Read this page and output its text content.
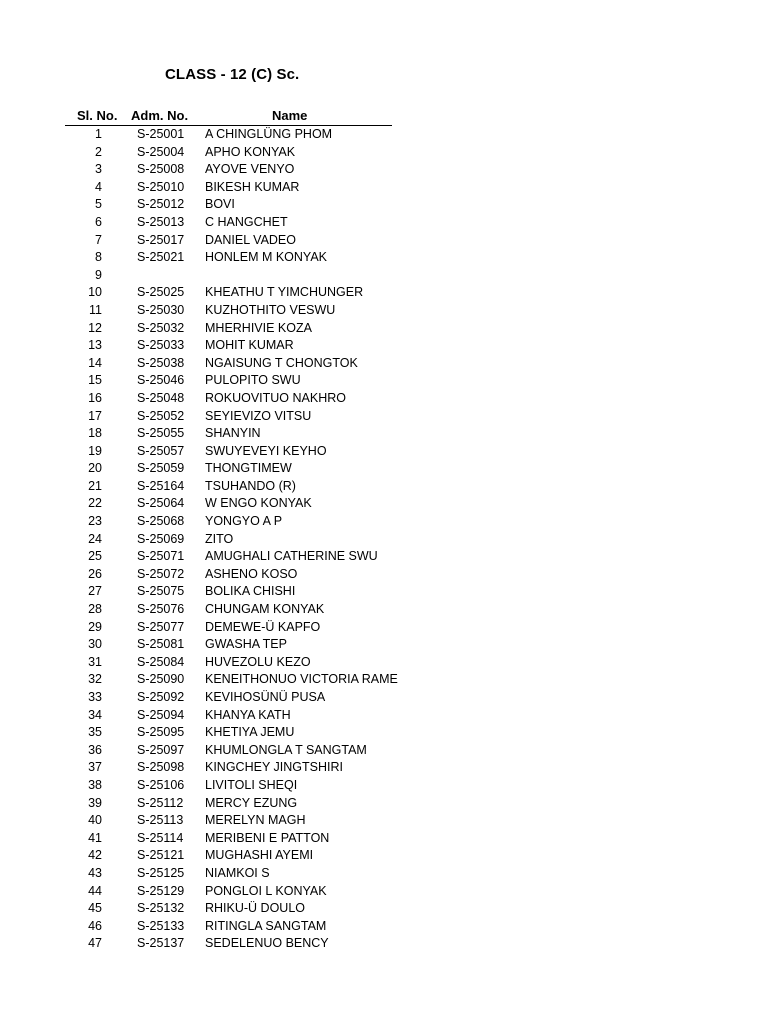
CLASS - 12 (C) Sc.
Sl. No. Adm. No.	Name
1	S-25001 A CHINGLÜNG PHOM
2	S-25004 APHO KONYAK
3	S-25008 AYOVE VENYO
4	S-25010 BIKESH KUMAR
5	S-25012 BOVI
6	S-25013 C HANGCHET
7	S-25017 DANIEL VADEO
8	S-25021 HONLEM M KONYAK
9
10	S-25025 KHEATHU T YIMCHUNGER
11	S-25030 KUZHOTHITO VESWU
12	S-25032 MHERHIVIE KOZA
13	S-25033 MOHIT KUMAR
14	S-25038 NGAISUNG T CHONGTOK
15	S-25046 PULOPITO SWU
16	S-25048 ROKUOVITUO NAKHRO
17	S-25052 SEYIEVIZO VITSU
18	S-25055 SHANYIN
19	S-25057 SWUYEVEYI KEYHO
20	S-25059 THONGTIMEW
21	S-25164 TSUHANDO (R)
22	S-25064 W ENGO KONYAK
23	S-25068 YONGYO A P
24	S-25069 ZITO
25	S-25071 AMUGHALI CATHERINE SWU
26	S-25072 ASHENO KOSO
27	S-25075 BOLIKA CHISHI
28	S-25076 CHUNGAM KONYAK
29	S-25077 DEMEWE-Ü KAPFO
30	S-25081 GWASHA TEP
31	S-25084 HUVEZOLU KEZO
32	S-25090 KENEITHONUO VICTORIA RAME
33	S-25092 KEVIHOSÜNÜ PUSA
34	S-25094 KHANYA KATH
35	S-25095 KHETIYA JEMU
36	S-25097 KHUMLONGLA T SANGTAM
37	S-25098 KINGCHEY JINGTSHIRI
38	S-25106 LIVITOLI SHEQI
39	S-25112 MERCY EZUNG
40	S-25113 MERELYN MAGH
41	S-25114 MERIBENI E PATTON
42	S-25121 MUGHASHI AYEMI
43	S-25125 NIAMKOI S
44	S-25129 PONGLOI L KONYAK
45	S-25132 RHIKU-Ü DOULO
46	S-25133 RITINGLA SANGTAM
47	S-25137 SEDELENUO BENCY
